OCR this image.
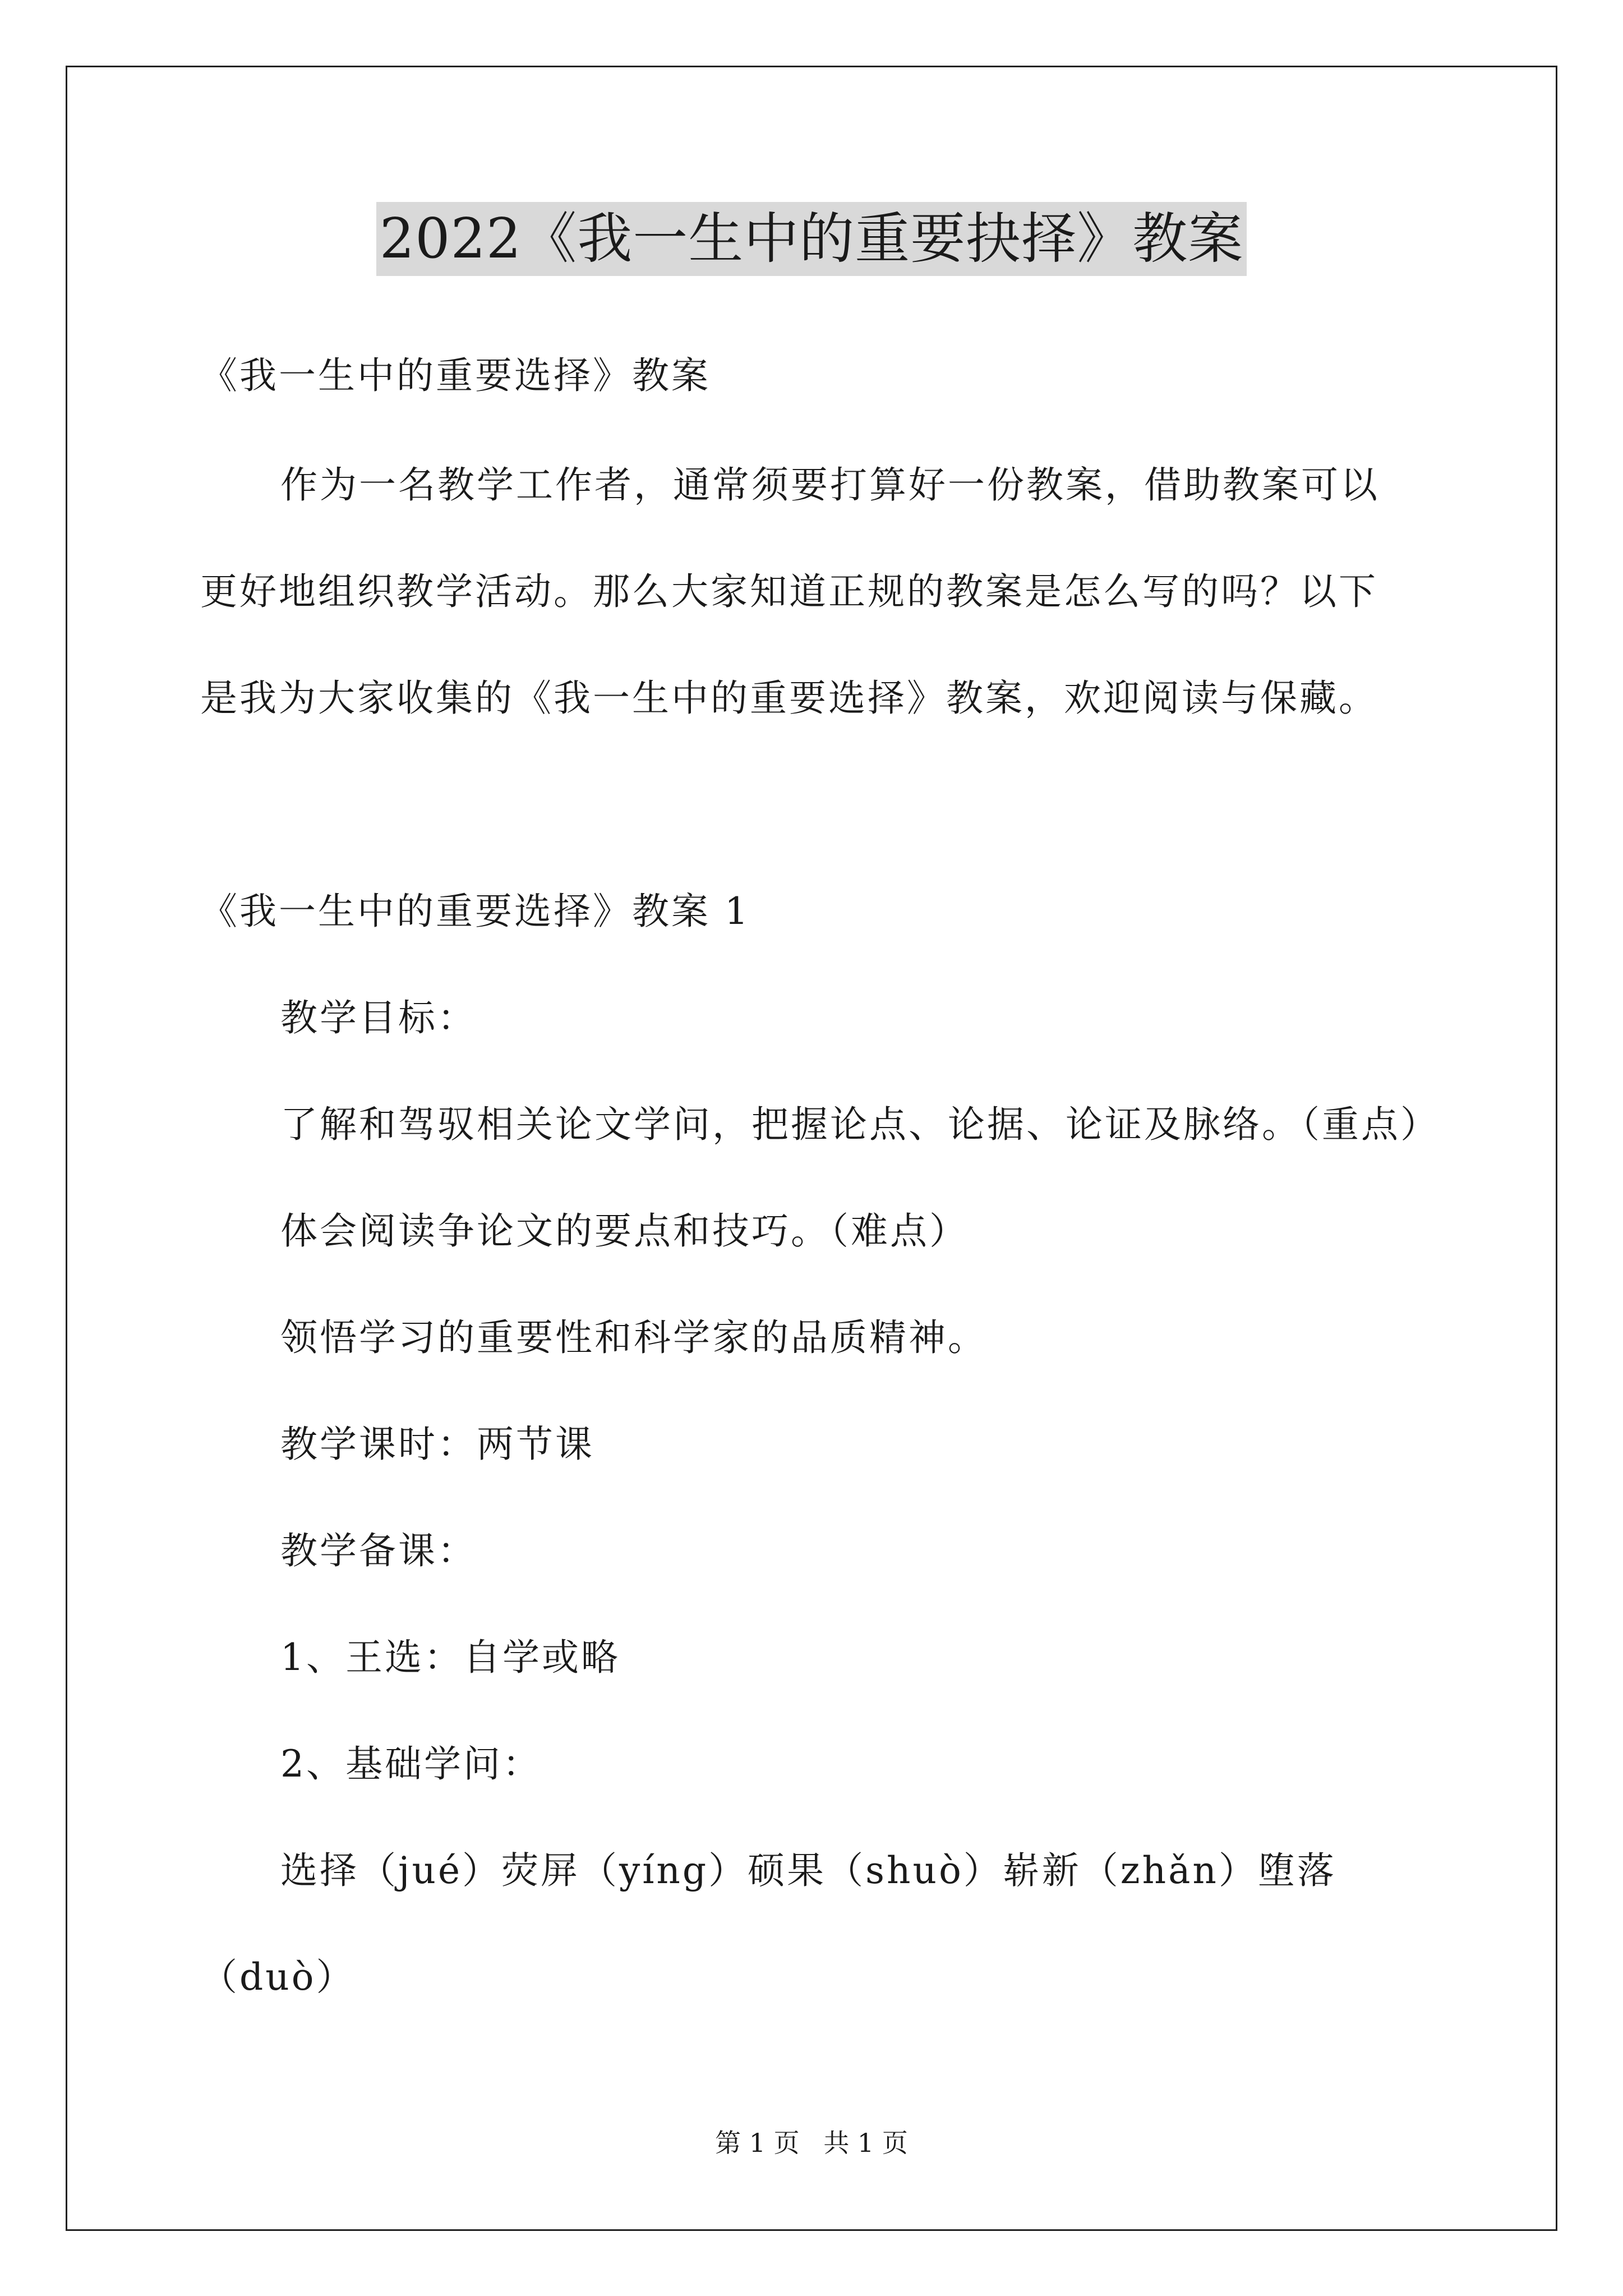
2022《我一生中的重要抉择》教案
《我一生中的重要选择》教案
作为一名教学工作者，通常须要打算好一份教案，借助教案可以
更好地组织教学活动。那么大家知道正规的教案是怎么写的吗？以下
是我为大家收集的《我一生中的重要选择》教案，欢迎阅读与保藏。
《我一生中的重要选择》教案 1
教学目标：
了解和驾驭相关论文学问，把握论点、论据、论证及脉络。（重点）
体会阅读争论文的要点和技巧。（难点）
领悟学习的重要性和科学家的品质精神。
教学课时：两节课
教学备课：
1、王选：自学或略
2、基础学问：
选择（jué）荧屏（yíng）硕果（shuò）崭新（zhǎn）堕落
（duò）
第 1 页 共 1 页
